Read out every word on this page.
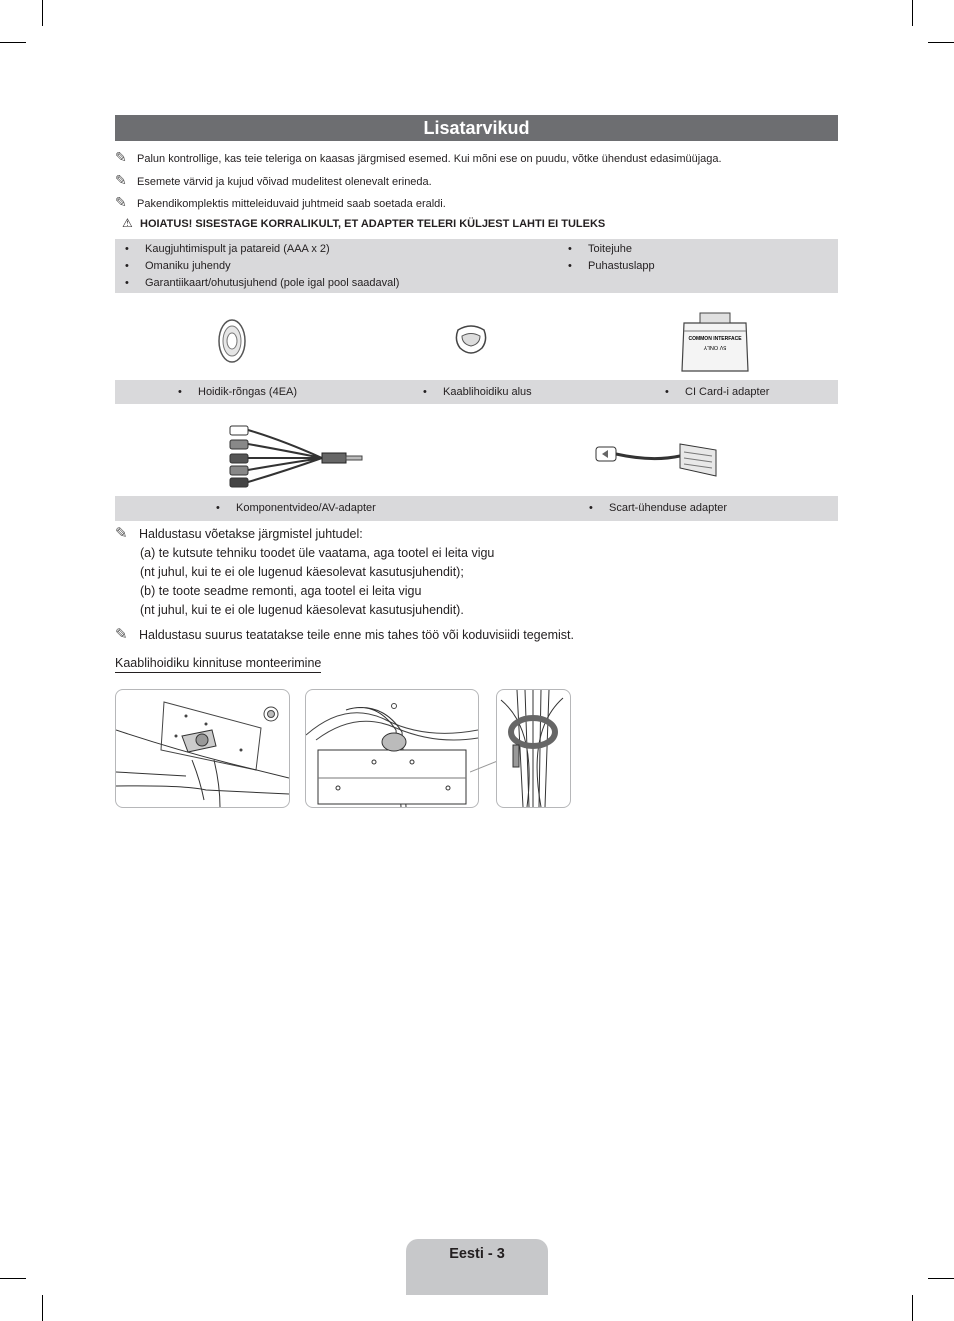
Lisatarvikud
✎ Palun kontrollige, kas teie teleriga on kaasas järgmised esemed. Kui mõni ese on puudu, võtke ühendust edasimüüjaga.
✎ Esemete värvid ja kujud võivad mudelitest olenevalt erineda.
✎ Pakendikomplektis mitteleiduvaid juhtmeid saab soetada eraldi.
⚠ HOIATUS! SISESTAGE KORRALIKULT, ET ADAPTER TELERI KÜLJEST LAHTI EI TULEKS
• Kaugjuhtimispult ja patareid (AAA x 2)
• Omaniku juhendy
• Garantiikaart/ohutusjuhend (pole igal pool saadaval)
• Toitejuhe
• Puhastuslapp
COMMON INTERFACE
5V ONLY
• Hoidik-rõngas (4EA)	• Kaablihoidiku alus	• CI Card-i adapter
• Komponentvideo/AV-adapter	• Scart-ühenduse adapter
✎ Haldustasu võetakse järgmistel juhtudel:
(a) te kutsute tehniku toodet üle vaatama, aga tootel ei leita vigu
(nt juhul, kui te ei ole lugenud käesolevat kasutusjuhendit);
(b) te toote seadme remonti, aga tootel ei leita vigu
(nt juhul, kui te ei ole lugenud käesolevat kasutusjuhendit).
✎ Haldustasu suurus teatatakse teile enne mis tahes töö või koduvisiidi tegemist.
Kaablihoidiku kinnituse monteerimine
Eesti - 3
